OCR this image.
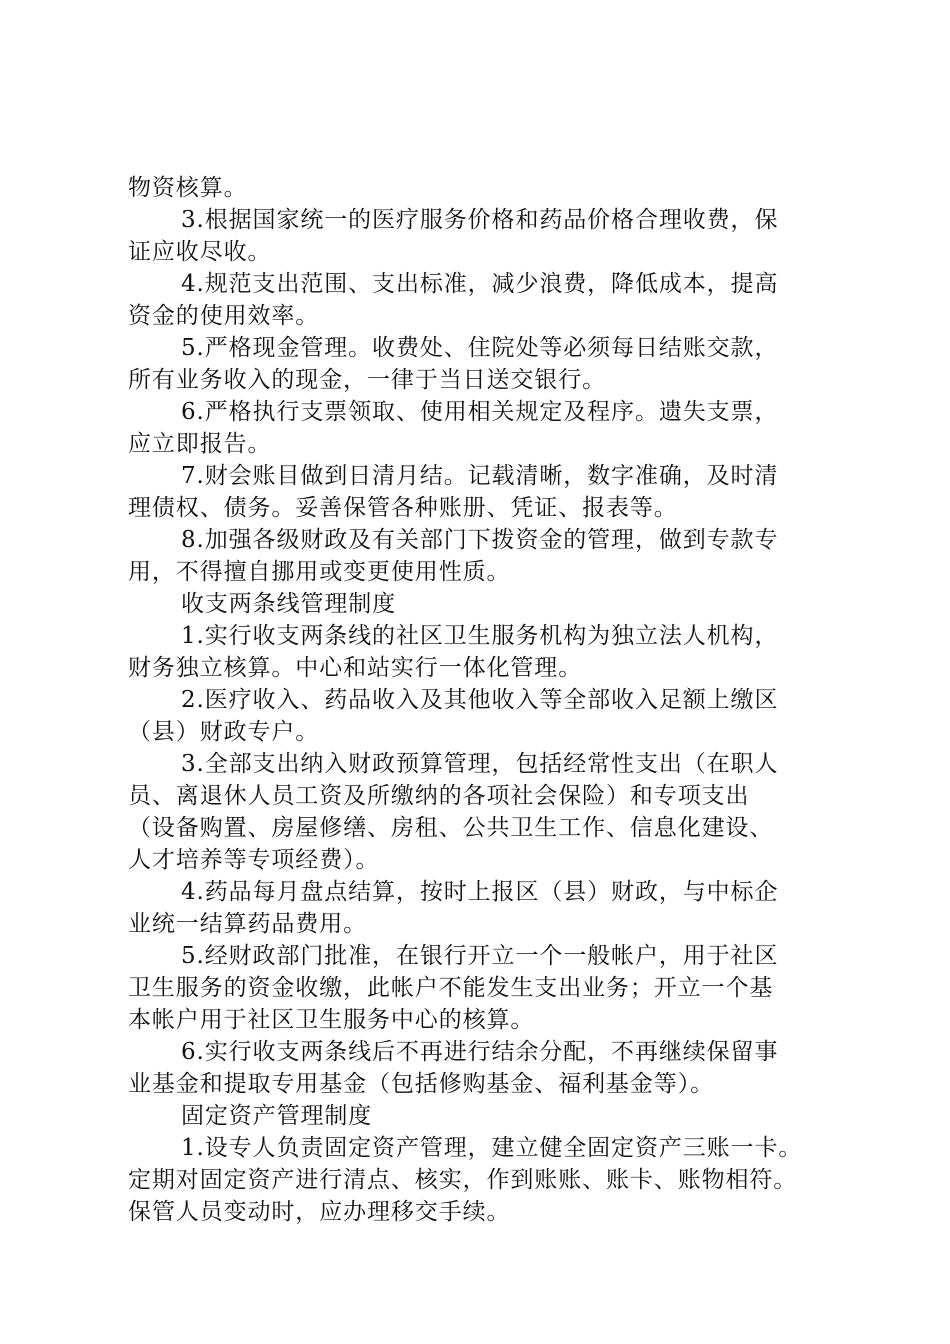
物资核算。
3.根据国家统一的医疗服务价格和药品价格合理收费，保
证应收尽收。
4.规范支出范围、支出标准，减少浪费，降低成本，提高
资金的使用效率。
5.严格现金管理。收费处、住院处等必须每日结账交款，
所有业务收入的现金，一律于当日送交银行。
6.严格执行支票领取、使用相关规定及程序。遗失支票，
应立即报告。
7.财会账目做到日清月结。记载清晰，数字准确，及时清
理债权、债务。妥善保管各种账册、凭证、报表等。
8.加强各级财政及有关部门下拨资金的管理，做到专款专
用，不得擅自挪用或变更使用性质。
收支两条线管理制度
1.实行收支两条线的社区卫生服务机构为独立法人机构，
财务独立核算。中心和站实行一体化管理。
2.医疗收入、药品收入及其他收入等全部收入足额上缴区
（县）财政专户。
3.全部支出纳入财政预算管理，包括经常性支出（在职人
员、离退休人员工资及所缴纳的各项社会保险）和专项支出
（设备购置、房屋修缮、房租、公共卫生工作、信息化建设、
人才培养等专项经费）。
4.药品每月盘点结算，按时上报区（县）财政，与中标企
业统一结算药品费用。
5.经财政部门批准，在银行开立一个一般帐户，用于社区
卫生服务的资金收缴，此帐户不能发生支出业务；开立一个基
本帐户用于社区卫生服务中心的核算。
6.实行收支两条线后不再进行结余分配，不再继续保留事
业基金和提取专用基金（包括修购基金、福利基金等）。
固定资产管理制度
1.设专人负责固定资产管理，建立健全固定资产三账一卡。
定期对固定资产进行清点、核实，作到账账、账卡、账物相符。
保管人员变动时，应办理移交手续。
